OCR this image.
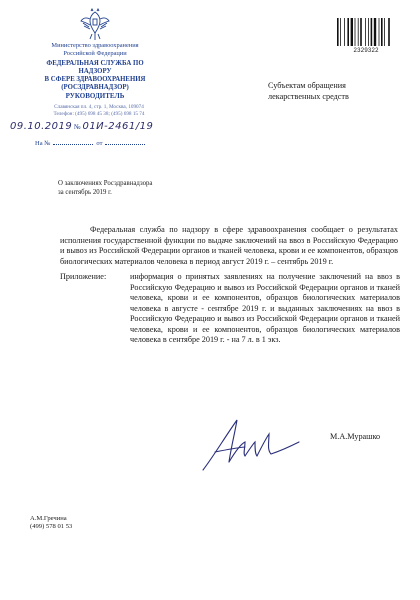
Министерство здравоохранения
Российской Федерации
ФЕДЕРАЛЬНАЯ СЛУЖБА ПО НАДЗОРУ
В СФЕРЕ ЗДРАВООХРАНЕНИЯ
(РОСЗДРАВНАДЗОР)
РУКОВОДИТЕЛЬ
Славянская пл. 4, стр. 1, Москва, 109074
Телефон: (495) 698 45 38; (495) 698 15 74
09.10.2019 № 01И-2461/19
На №	от
2329322
Субъектам обращения
лекарственных средств
О заключениях Росздравнадзора
за сентябрь 2019 г.
Федеральная служба по надзору в сфере здравоохранения сообщает о результатах исполнения государственной функции по выдаче заключений на ввоз в Российскую Федерацию и вывоз из Российской Федерации органов и тканей человека, крови и ее компонентов, образцов биологических материалов человека в период август 2019 г. – сентябрь 2019 г.
Приложение:	информация о принятых заявлениях на получение заключений на ввоз в Российскую Федерацию и вывоз из Российской Федерации органов и тканей человека, крови и ее компонентов, образцов биологических материалов человека в августе - сентябре 2019 г. и выданных заключениях на ввоз в Российскую Федерацию и вывоз из Российской Федерации органов и тканей человека, крови и ее компонентов, образцов биологических материалов человека в сентябре 2019 г. - на 7 л. в 1 экз.
М.А.Мурашко
А.М.Гречина
(499) 578 01 53
